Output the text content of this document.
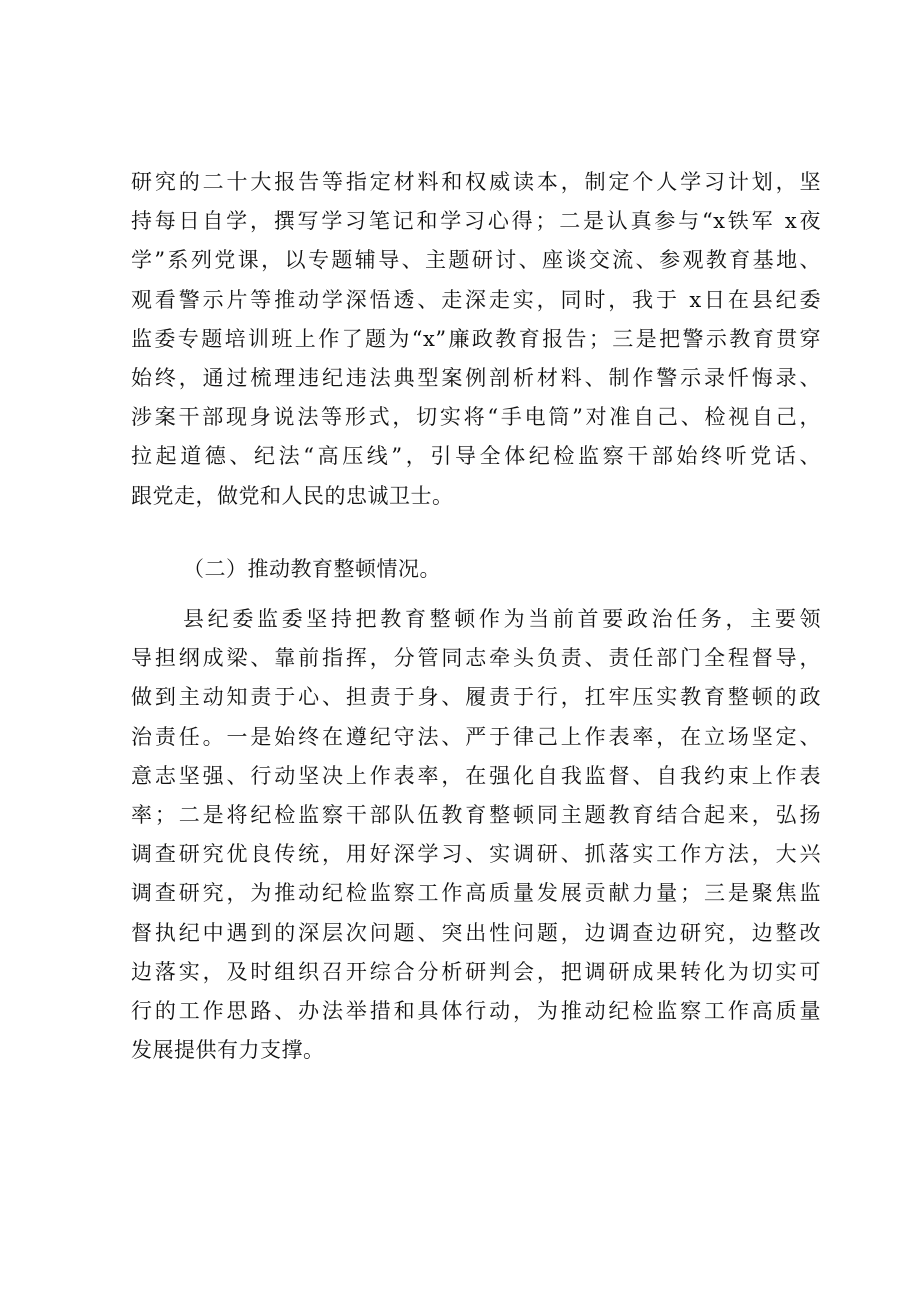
研究的二十大报告等指定材料和权威读本，制定个人学习计划，坚
持每日自学，撰写学习笔记和学习心得；二是认真参与“x铁军 x夜
学”系列党课，以专题辅导、主题研讨、座谈交流、参观教育基地、
观看警示片等推动学深悟透、走深走实，同时，我于 x日在县纪委
监委专题培训班上作了题为“x”廉政教育报告；三是把警示教育贯穿
始终，通过梳理违纪违法典型案例剖析材料、制作警示录忏悔录、
涉案干部现身说法等形式，切实将“手电筒”对准自己、检视自己，
拉起道德、纪法“高压线”，引导全体纪检监察干部始终听党话、
跟党走，做党和人民的忠诚卫士。
（二）推动教育整顿情况。
县纪委监委坚持把教育整顿作为当前首要政治任务，主要领
导担纲成梁、靠前指挥，分管同志牵头负责、责任部门全程督导，
做到主动知责于心、担责于身、履责于行，扛牢压实教育整顿的政
治责任。一是始终在遵纪守法、严于律己上作表率，在立场坚定、
意志坚强、行动坚决上作表率，在强化自我监督、自我约束上作表
率；二是将纪检监察干部队伍教育整顿同主题教育结合起来，弘扬
调查研究优良传统，用好深学习、实调研、抓落实工作方法，大兴
调查研究，为推动纪检监察工作高质量发展贡献力量；三是聚焦监
督执纪中遇到的深层次问题、突出性问题，边调查边研究，边整改
边落实，及时组织召开综合分析研判会，把调研成果转化为切实可
行的工作思路、办法举措和具体行动，为推动纪检监察工作高质量
发展提供有力支撑。
